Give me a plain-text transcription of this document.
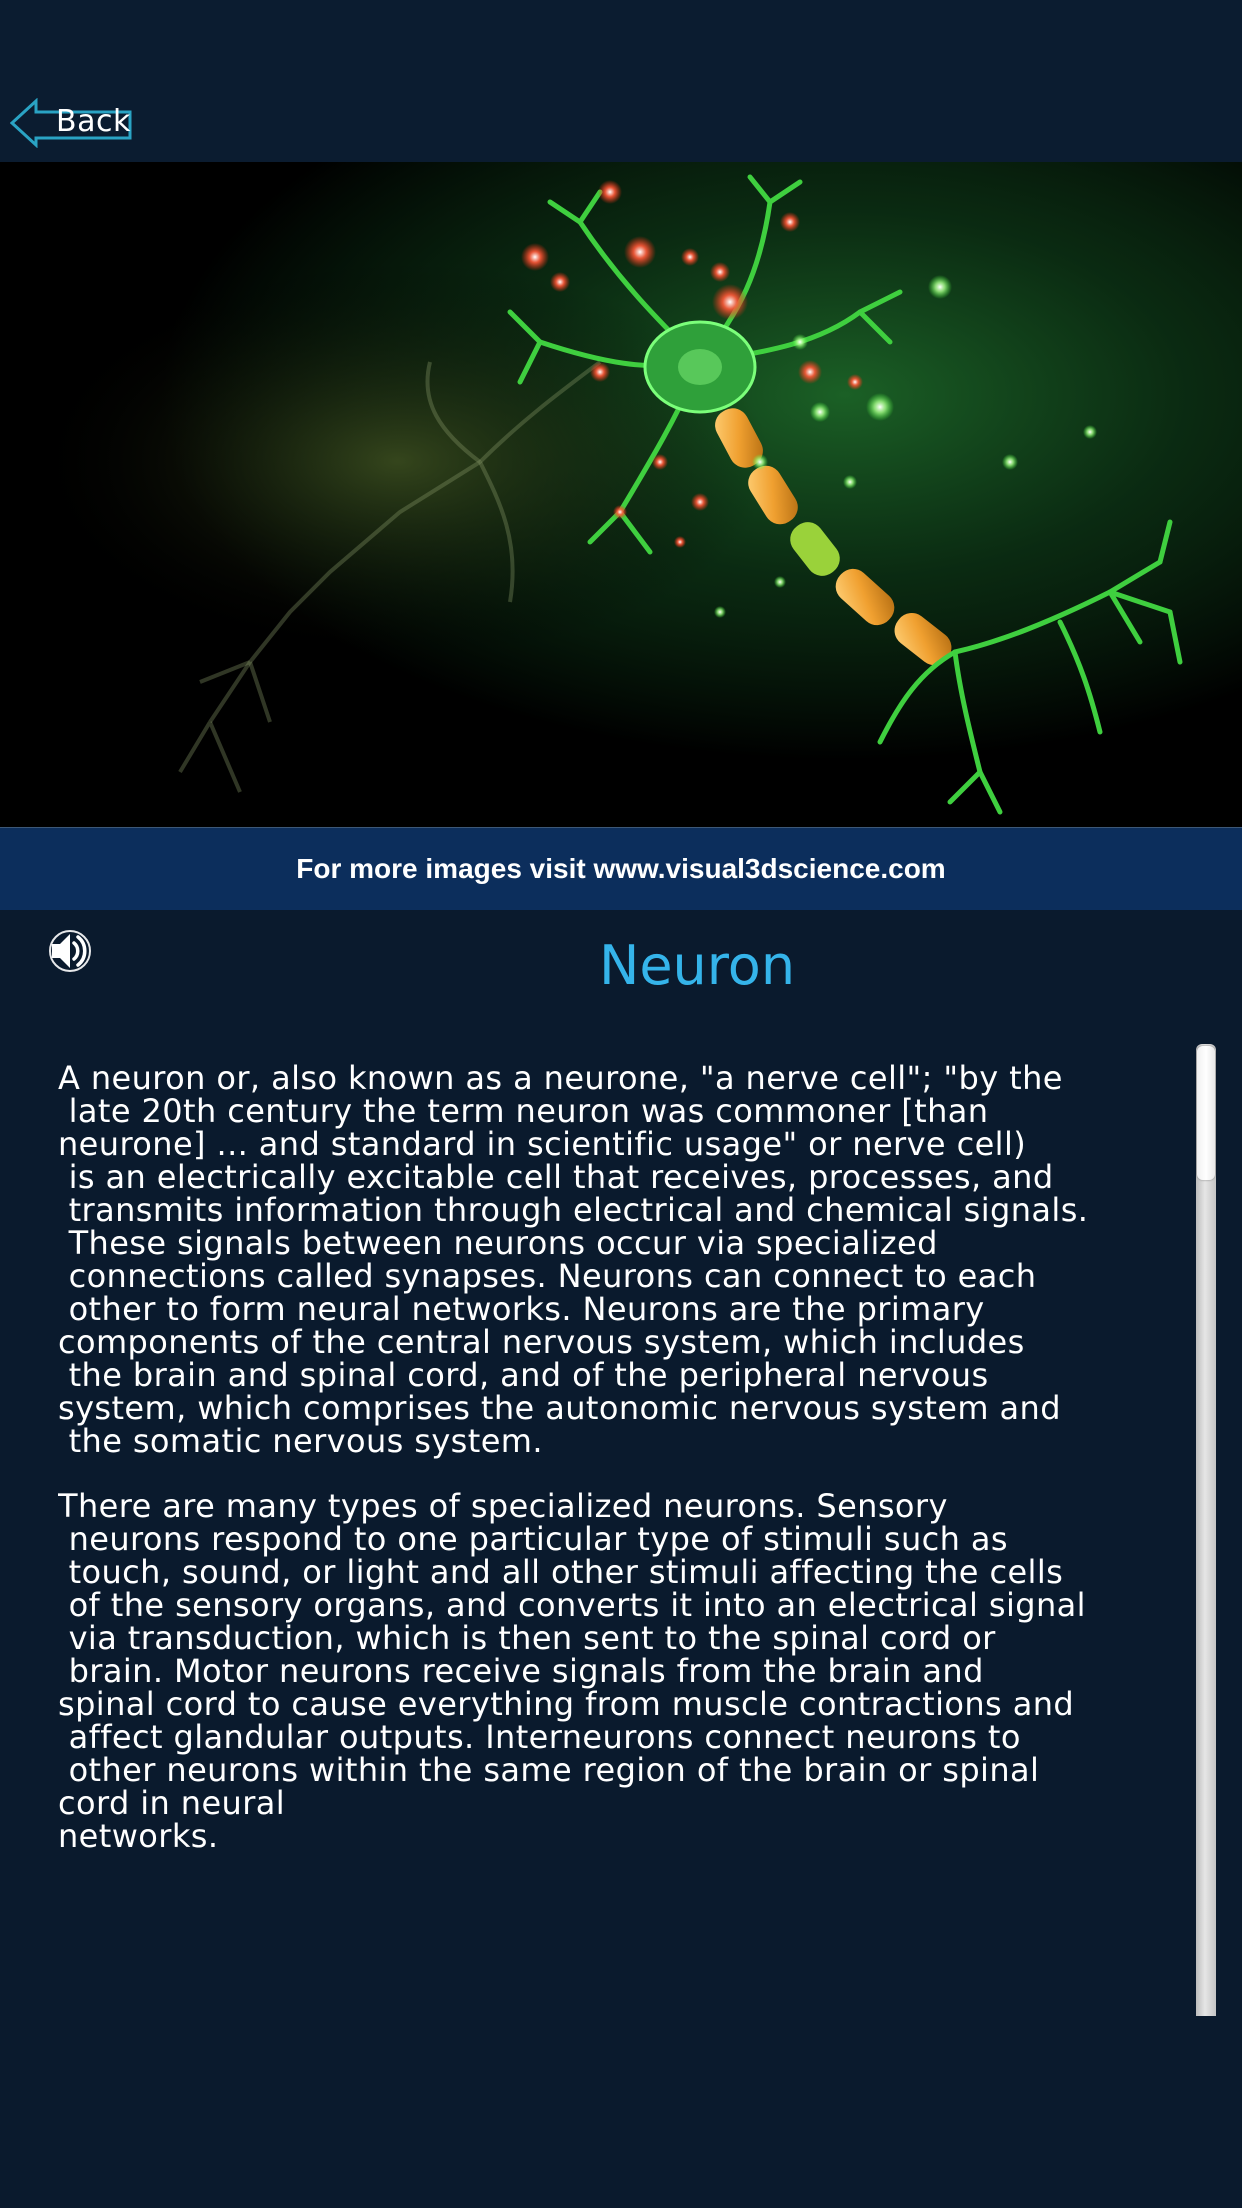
Back
For more images visit www.visual3dscience.com
Neuron

A neuron or, also known as a neurone, "a nerve cell"; "by the
late 20th century the term neuron was commoner [than
neurone] ... and standard in scientific usage" or nerve cell)
is an electrically excitable cell that receives, processes, and
transmits information through electrical and chemical signals.
These signals between neurons occur via specialized
connections called synapses. Neurons can connect to each
other to form neural networks. Neurons are the primary
components of the central nervous system, which includes
the brain and spinal cord, and of the peripheral nervous
system, which comprises the autonomic nervous system and
the somatic nervous system.

There are many types of specialized neurons. Sensory
neurons respond to one particular type of stimuli such as
touch, sound, or light and all other stimuli affecting the cells
of the sensory organs, and converts it into an electrical signal
via transduction, which is then sent to the spinal cord or
brain. Motor neurons receive signals from the brain and
spinal cord to cause everything from muscle contractions and
affect glandular outputs. Interneurons connect neurons to
other neurons within the same region of the brain or spinal
cord in neural
networks.
